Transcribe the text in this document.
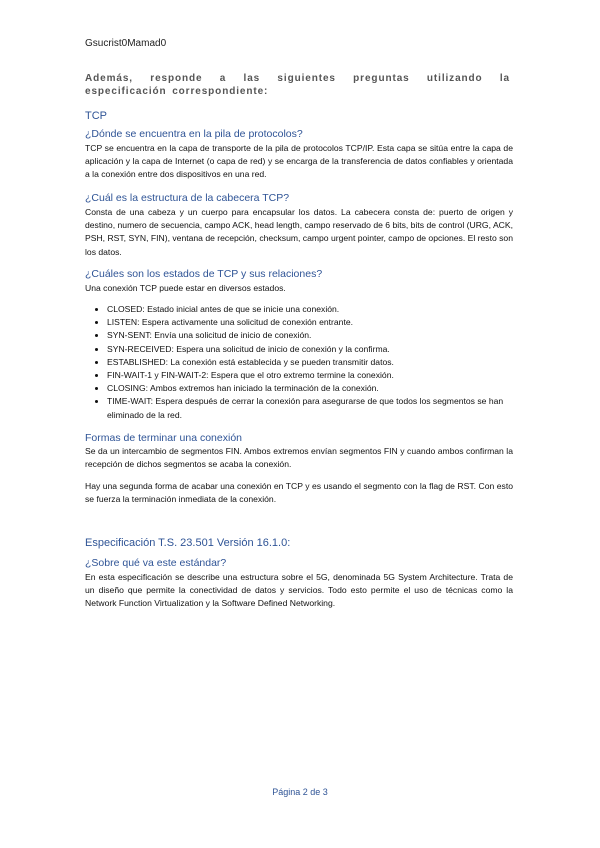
Gsucrist0Mamad0
Además, responde a las siguientes preguntas utilizando la especificación correspondiente:
TCP
¿Dónde se encuentra en la pila de protocolos?
TCP se encuentra en la capa de transporte de la pila de protocolos TCP/IP. Esta capa se sitúa entre la capa de aplicación y la capa de Internet (o capa de red) y se encarga de la transferencia de datos confiables y orientada a la conexión entre dos dispositivos en una red.
¿Cuál es la estructura de la cabecera TCP?
Consta de una cabeza y un cuerpo para encapsular los datos. La cabecera consta de: puerto de origen y destino, numero de secuencia, campo ACK, head length, campo reservado de 6 bits, bits de control (URG, ACK, PSH, RST, SYN, FIN), ventana de recepción, checksum, campo urgent pointer, campo de opciones. El resto son los datos.
¿Cuáles son los estados de TCP y sus relaciones?
Una conexión TCP puede estar en diversos estados.
• CLOSED: Estado inicial antes de que se inicie una conexión.
• LISTEN: Espera activamente una solicitud de conexión entrante.
• SYN-SENT: Envía una solicitud de inicio de conexión.
• SYN-RECEIVED: Espera una solicitud de inicio de conexión y la confirma.
• ESTABLISHED: La conexión está establecida y se pueden transmitir datos.
• FIN-WAIT-1 y FIN-WAIT-2: Espera que el otro extremo termine la conexión.
• CLOSING: Ambos extremos han iniciado la terminación de la conexión.
• TIME-WAIT: Espera después de cerrar la conexión para asegurarse de que todos los segmentos se han eliminado de la red.
Formas de terminar una conexión
Se da un intercambio de segmentos FIN. Ambos extremos envían segmentos FIN y cuando ambos confirman la recepción de dichos segmentos se acaba la conexión.
Hay una segunda forma de acabar una conexión en TCP y es usando el segmento con la flag de RST. Con esto se fuerza la terminación inmediata de la conexión.
Especificación T.S. 23.501 Versión 16.1.0:
¿Sobre qué va este estándar?
En esta especificación se describe una estructura sobre el 5G, denominada 5G System Architecture. Trata de un diseño que permite la conectividad de datos y servicios. Todo esto permite el uso de técnicas como la Network Function Virtualization y la Software Defined Networking.
Página 2 de 3
